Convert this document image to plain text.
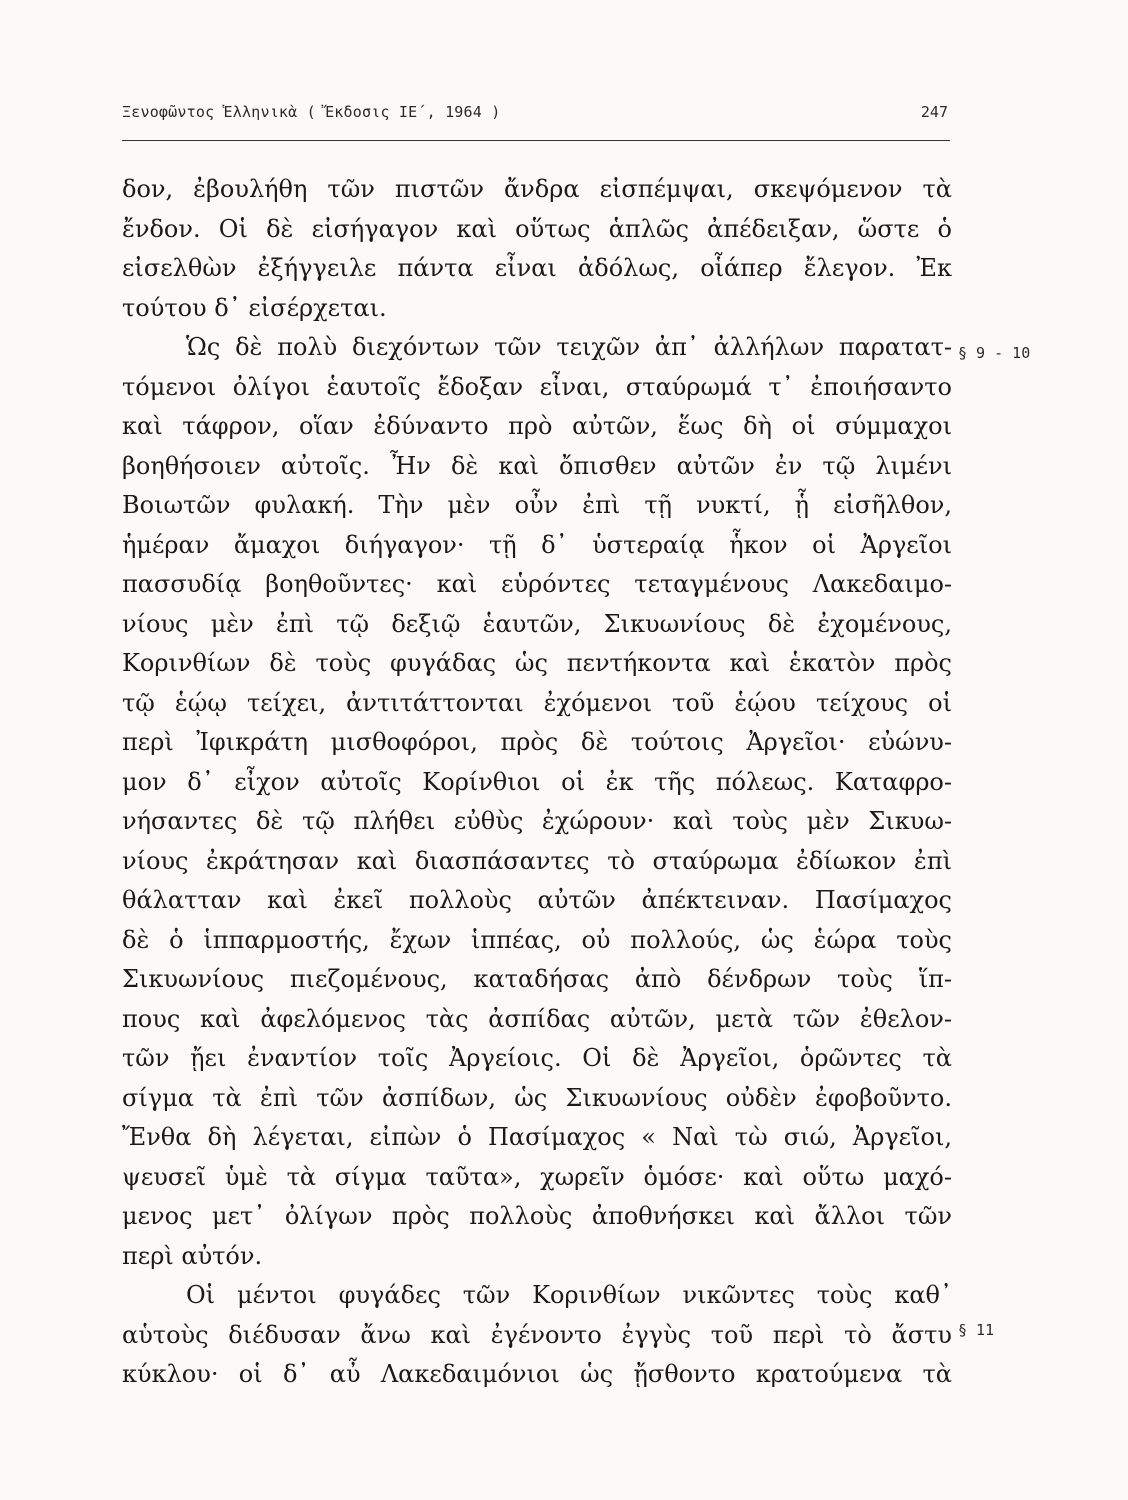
Ξενοφῶντος Ἑλληνικὰ ( Ἔκδοσις ΙΕ΄, 1964 )	247
δον, ἐβουλήθη τῶν πιστῶν ἄνδρα εἰσπέμψαι, σκεψόμενον τὰ
ἔνδον. Οἱ δὲ εἰσήγαγον καὶ οὕτως ἁπλῶς ἀπέδειξαν, ὥστε ὁ
εἰσελθὼν ἐξήγγειλε πάντα εἶναι ἀδόλως, οἷάπερ ἔλεγον. Ἐκ
τούτου δ᾽ εἰσέρχεται.
Ὡς δὲ πολὺ διεχόντων τῶν τειχῶν ἀπ᾽ ἀλλήλων παρατατ-
τόμενοι ὀλίγοι ἑαυτοῖς ἔδοξαν εἶναι, σταύρωμά τ᾽ ἐποιήσαντο
καὶ τάφρον, οἵαν ἐδύναντο πρὸ αὐτῶν, ἕως δὴ οἱ σύμμαχοι
βοηθήσοιεν αὐτοῖς. Ἦν δὲ καὶ ὄπισθεν αὐτῶν ἐν τῷ λιμένι
Βοιωτῶν φυλακή. Τὴν μὲν οὖν ἐπὶ τῇ νυκτί, ᾗ εἰσῆλθον,
ἡμέραν ἄμαχοι διήγαγον· τῇ δ᾽ ὑστεραίᾳ ἧκον οἱ Ἀργεῖοι
πασσυδίᾳ βοηθοῦντες· καὶ εὑρόντες τεταγμένους Λακεδαιμο-
νίους μὲν ἐπὶ τῷ δεξιῷ ἑαυτῶν, Σικυωνίους δὲ ἐχομένους,
Κορινθίων δὲ τοὺς φυγάδας ὡς πεντήκοντα καὶ ἑκατὸν πρὸς
τῷ ἑῴῳ τείχει, ἀντιτάττονται ἐχόμενοι τοῦ ἑῴου τείχους οἱ
περὶ Ἰφικράτη μισθοφόροι, πρὸς δὲ τούτοις Ἀργεῖοι· εὐώνυ-
μον δ᾽ εἶχον αὐτοῖς Κορίνθιοι οἱ ἐκ τῆς πόλεως. Καταφρο-
νήσαντες δὲ τῷ πλήθει εὐθὺς ἐχώρουν· καὶ τοὺς μὲν Σικυω-
νίους ἐκράτησαν καὶ διασπάσαντες τὸ σταύρωμα ἐδίωκον ἐπὶ
θάλατταν καὶ ἐκεῖ πολλοὺς αὐτῶν ἀπέκτειναν. Πασίμαχος
δὲ ὁ ἱππαρμοστής, ἔχων ἱππέας, οὐ πολλούς, ὡς ἑώρα τοὺς
Σικυωνίους πιεζομένους, καταδήσας ἀπὸ δένδρων τοὺς ἵπ-
πους καὶ ἀφελόμενος τὰς ἀσπίδας αὐτῶν, μετὰ τῶν ἐθελον-
τῶν ᾔει ἐναντίον τοῖς Ἀργείοις. Οἱ δὲ Ἀργεῖοι, ὁρῶντες τὰ
σίγμα τὰ ἐπὶ τῶν ἀσπίδων, ὡς Σικυωνίους οὐδὲν ἐφοβοῦντο.
Ἔνθα δὴ λέγεται, εἰπὼν ὁ Πασίμαχος « Ναὶ τὼ σιώ, Ἀργεῖοι,
ψευσεῖ ὑμὲ τὰ σίγμα ταῦτα», χωρεῖν ὁμόσε· καὶ οὕτω μαχό-
μενος μετ᾽ ὀλίγων πρὸς πολλοὺς ἀποθνήσκει καὶ ἄλλοι τῶν
περὶ αὐτόν.
Οἱ μέντοι φυγάδες τῶν Κορινθίων νικῶντες τοὺς καθ᾽
αὑτοὺς διέδυσαν ἄνω καὶ ἐγένοντο ἐγγὺς τοῦ περὶ τὸ ἄστυ
κύκλου· οἱ δ᾽ αὖ Λακεδαιμόνιοι ὡς ᾔσθοντο κρατούμενα τὰ
§ 9 - 10
§ 11
